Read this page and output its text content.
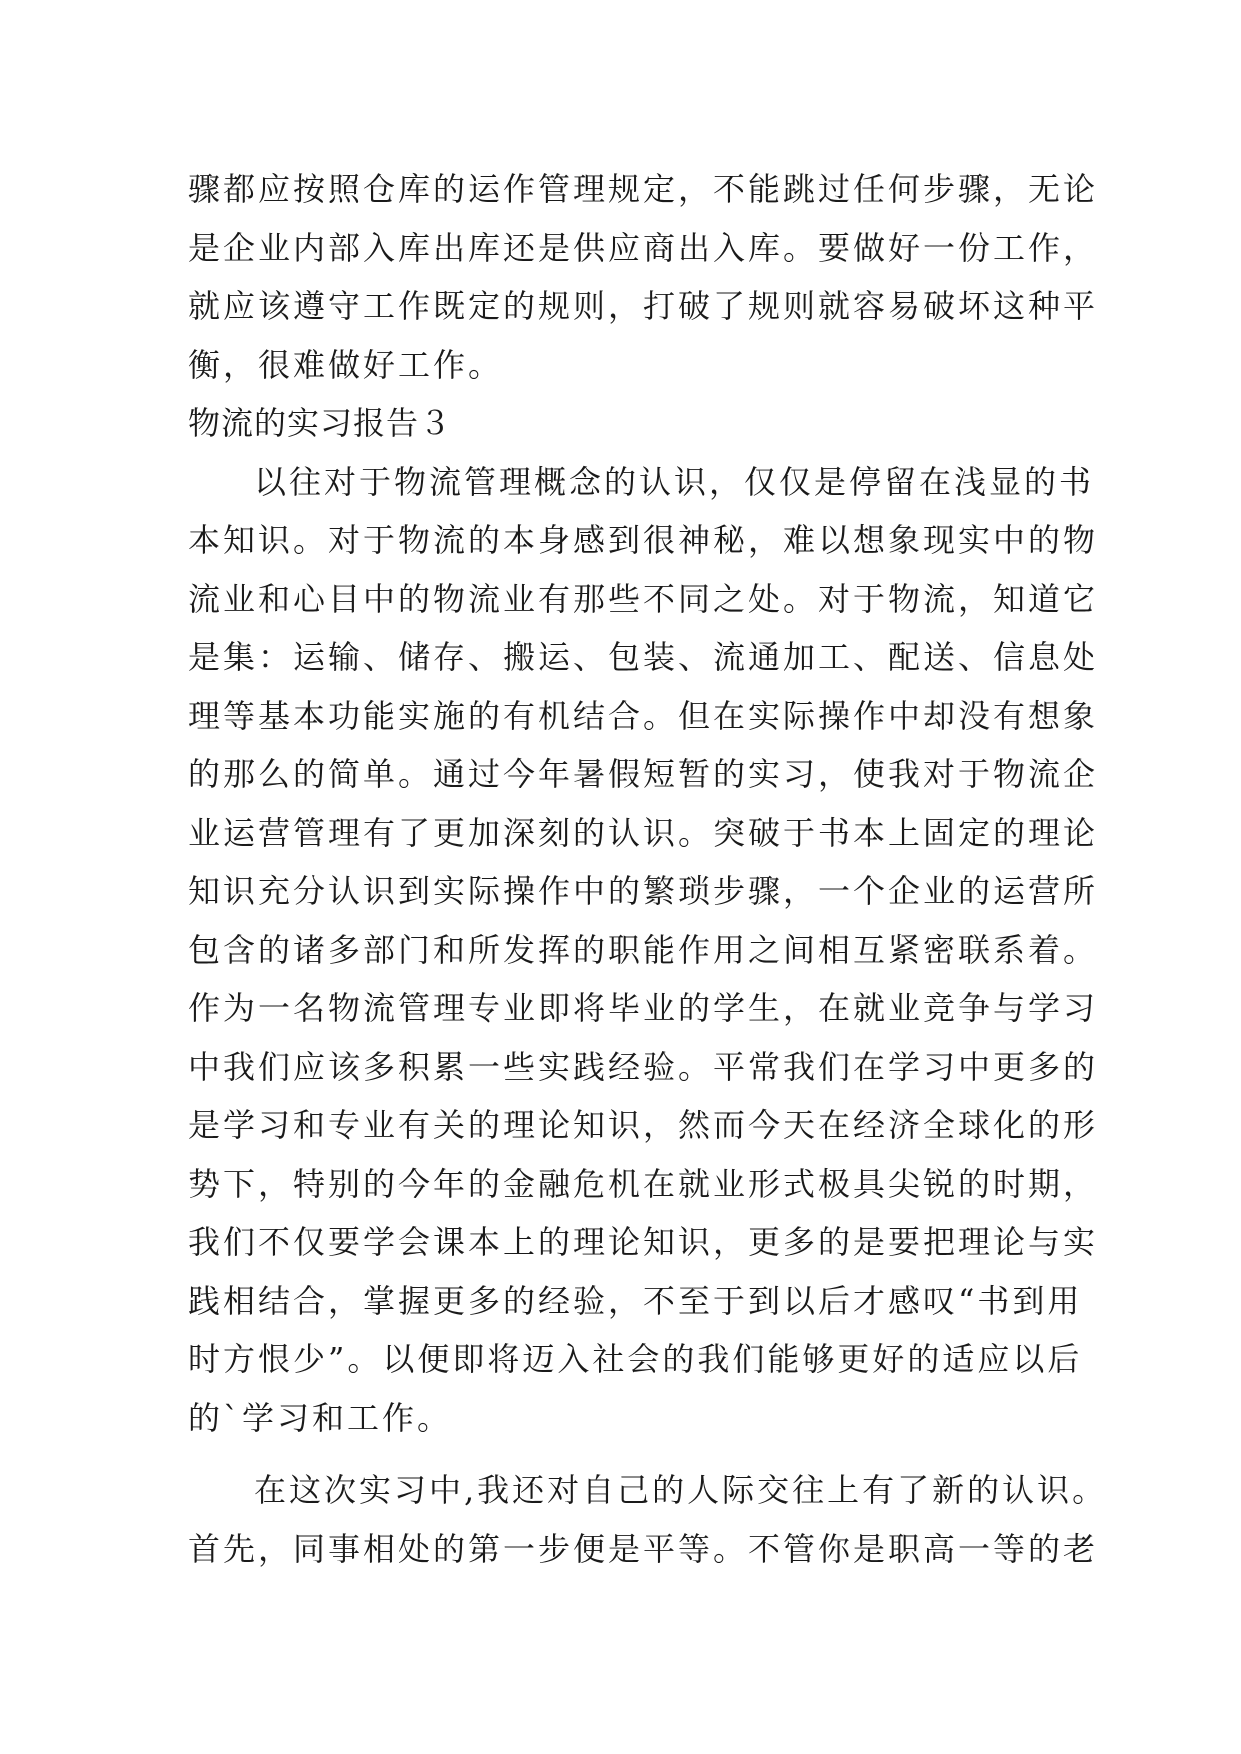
骤都应按照仓库的运作管理规定，不能跳过任何步骤，无论
是企业内部入库出库还是供应商出入库。要做好一份工作，
就应该遵守工作既定的规则，打破了规则就容易破坏这种平
衡，很难做好工作。
物流的实习报告３
以往对于物流管理概念的认识，仅仅是停留在浅显的书
本知识。对于物流的本身感到很神秘，难以想象现实中的物
流业和心目中的物流业有那些不同之处。对于物流，知道它
是集：运输、储存、搬运、包装、流通加工、配送、信息处
理等基本功能实施的有机结合。但在实际操作中却没有想象
的那么的简单。通过今年暑假短暂的实习，使我对于物流企
业运营管理有了更加深刻的认识。突破于书本上固定的理论
知识充分认识到实际操作中的繁琐步骤，一个企业的运营所
包含的诸多部门和所发挥的职能作用之间相互紧密联系着。
作为一名物流管理专业即将毕业的学生，在就业竞争与学习
中我们应该多积累一些实践经验。平常我们在学习中更多的
是学习和专业有关的理论知识，然而今天在经济全球化的形
势下，特别的今年的金融危机在就业形式极具尖锐的时期，
我们不仅要学会课本上的理论知识，更多的是要把理论与实
践相结合，掌握更多的经验，不至于到以后才感叹“书到用
时方恨少”。以便即将迈入社会的我们能够更好的适应以后
的`学习和工作。
在这次实习中,我还对自己的人际交往上有了新的认识。
首先，同事相处的第一步便是平等。不管你是职高一等的老
